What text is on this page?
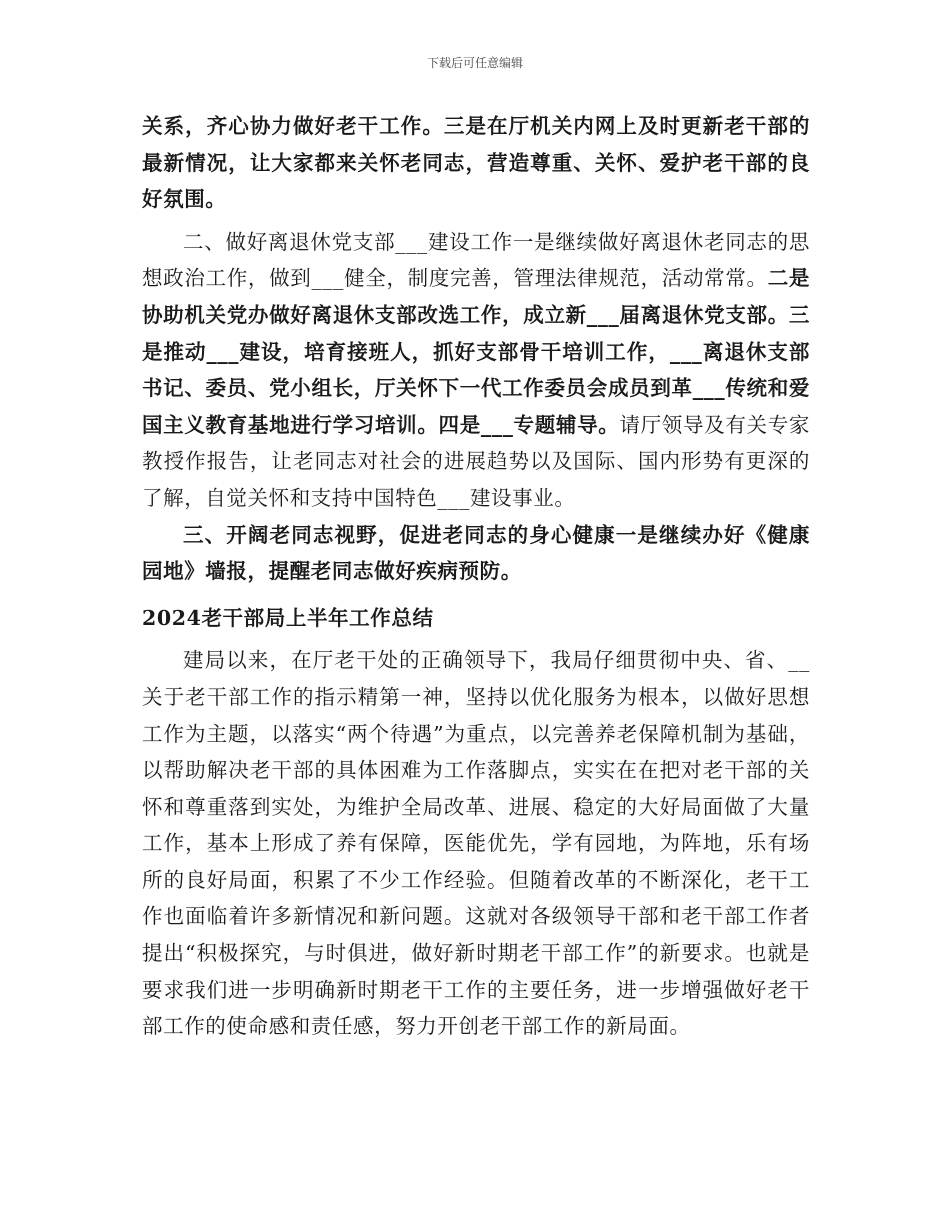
下载后可任意编辑

关系，齐心协力做好老干工作。三是在厅机关内网上及时更新老干部的最新情况，让大家都来关怀老同志，营造尊重、关怀、爱护老干部的良好氛围。

二、做好离退休党支部___建设工作一是继续做好离退休老同志的思想政治工作，做到___健全，制度完善，管理法律规范，活动常常。二是协助机关党办做好离退休支部改选工作，成立新___届离退休党支部。三是推动___建设，培育接班人，抓好支部骨干培训工作，___离退休支部书记、委员、党小组长，厅关怀下一代工作委员会成员到革___传统和爱国主义教育基地进行学习培训。四是___专题辅导。请厅领导及有关专家教授作报告，让老同志对社会的进展趋势以及国际、国内形势有更深的了解，自觉关怀和支持中国特色___建设事业。

三、开阔老同志视野，促进老同志的身心健康一是继续办好《健康园地》墙报，提醒老同志做好疾病预防。

2024老干部局上半年工作总结

建局以来，在厅老干处的正确领导下，我局仔细贯彻中央、省、__关于老干部工作的指示精第一神，坚持以优化服务为根本，以做好思想工作为主题，以落实“两个待遇”为重点，以完善养老保障机制为基础，以帮助解决老干部的具体困难为工作落脚点，实实在在把对老干部的关怀和尊重落到实处，为维护全局改革、进展、稳定的大好局面做了大量工作，基本上形成了养有保障，医能优先，学有园地，为阵地，乐有场所的良好局面，积累了不少工作经验。但随着改革的不断深化，老干工作也面临着许多新情况和新问题。这就对各级领导干部和老干部工作者提出“积极探究，与时俱进，做好新时期老干部工作”的新要求。也就是要求我们进一步明确新时期老干工作的主要任务，进一步增强做好老干部工作的使命感和责任感，努力开创老干部工作的新局面。
